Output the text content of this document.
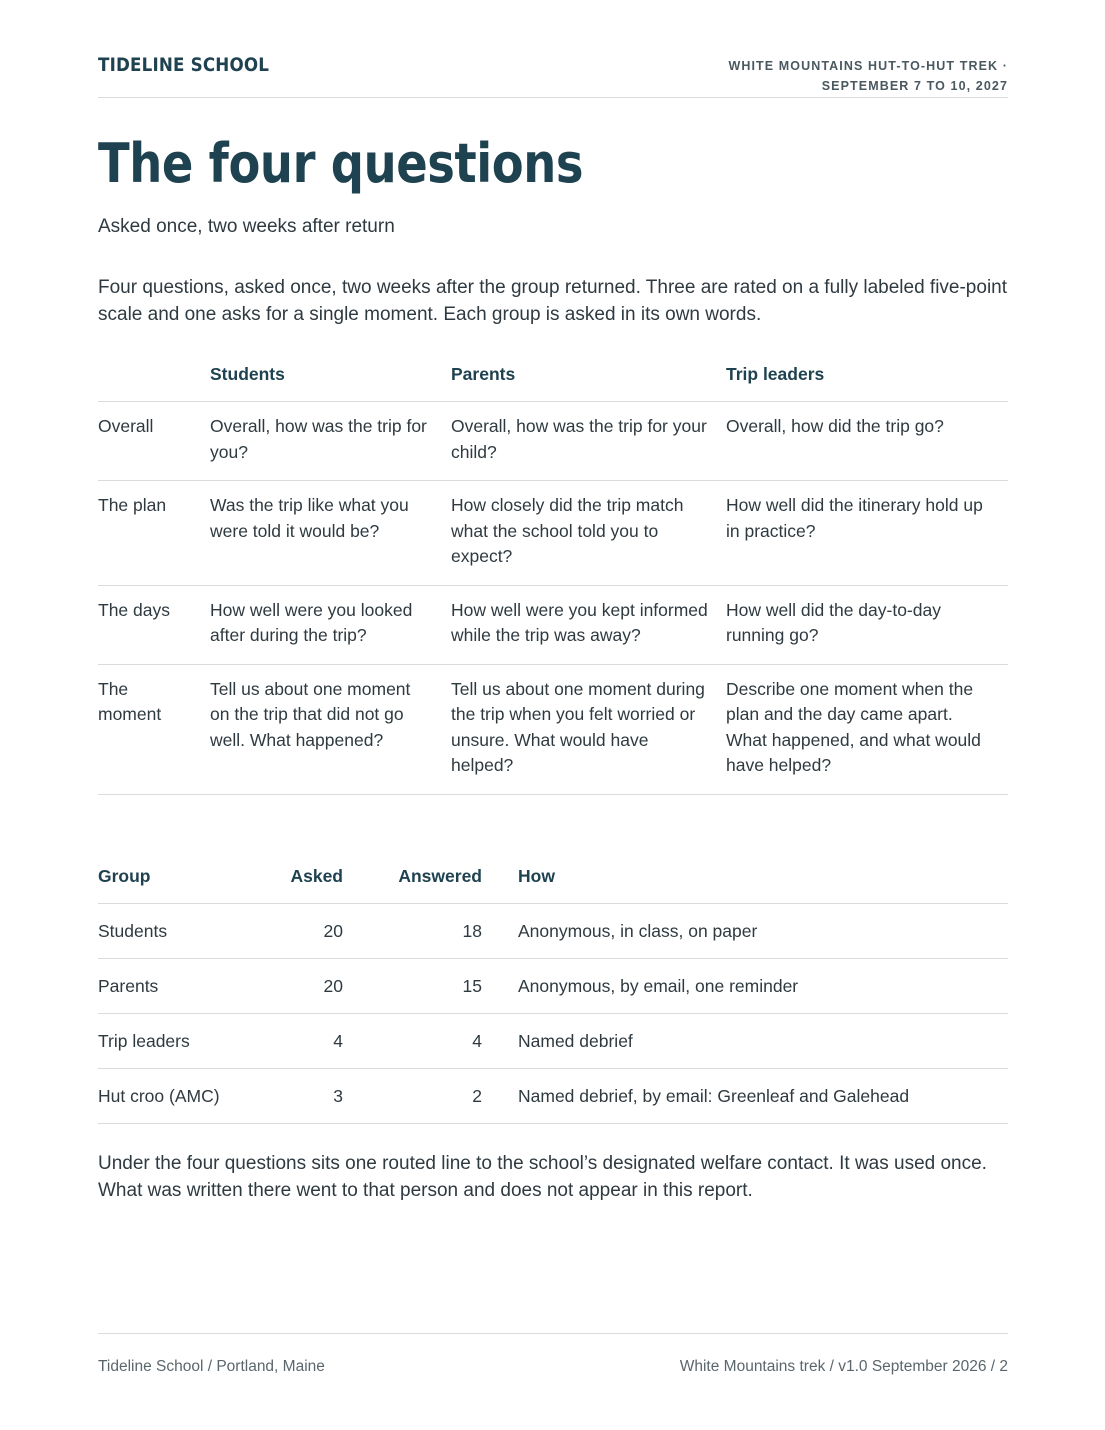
TIDELINE SCHOOL	WHITE MOUNTAINS HUT-TO-HUT TREK ·
SEPTEMBER 7 TO 10, 2027
The four questions
Asked once, two weeks after return

Four questions, asked once, two weeks after the group returned. Three are rated on a fully labeled five-point scale and one asks for a single moment. Each group is asked in its own words.

	Students	Parents	Trip leaders
Overall	Overall, how was the trip for you?	Overall, how was the trip for your child?	Overall, how did the trip go?
The plan	Was the trip like what you were told it would be?	How closely did the trip match what the school told you to expect?	How well did the itinerary hold up in practice?
The days	How well were you looked after during the trip?	How well were you kept informed while the trip was away?	How well did the day-to-day running go?
The moment	Tell us about one moment on the trip that did not go well. What happened?	Tell us about one moment during the trip when you felt worried or unsure. What would have helped?	Describe one moment when the plan and the day came apart. What happened, and what would have helped?
Group	Asked	Answered	How
Students	20	18	Anonymous, in class, on paper
Parents	20	15	Anonymous, by email, one reminder
Trip leaders	4	4	Named debrief
Hut croo (AMC)	3	2	Named debrief, by email: Greenleaf and Galehead

Under the four questions sits one routed line to the school’s designated welfare contact. It was used once. What was written there went to that person and does not appear in this report.

Tideline School / Portland, Maine	White Mountains trek / v1.0 September 2026 / 2
